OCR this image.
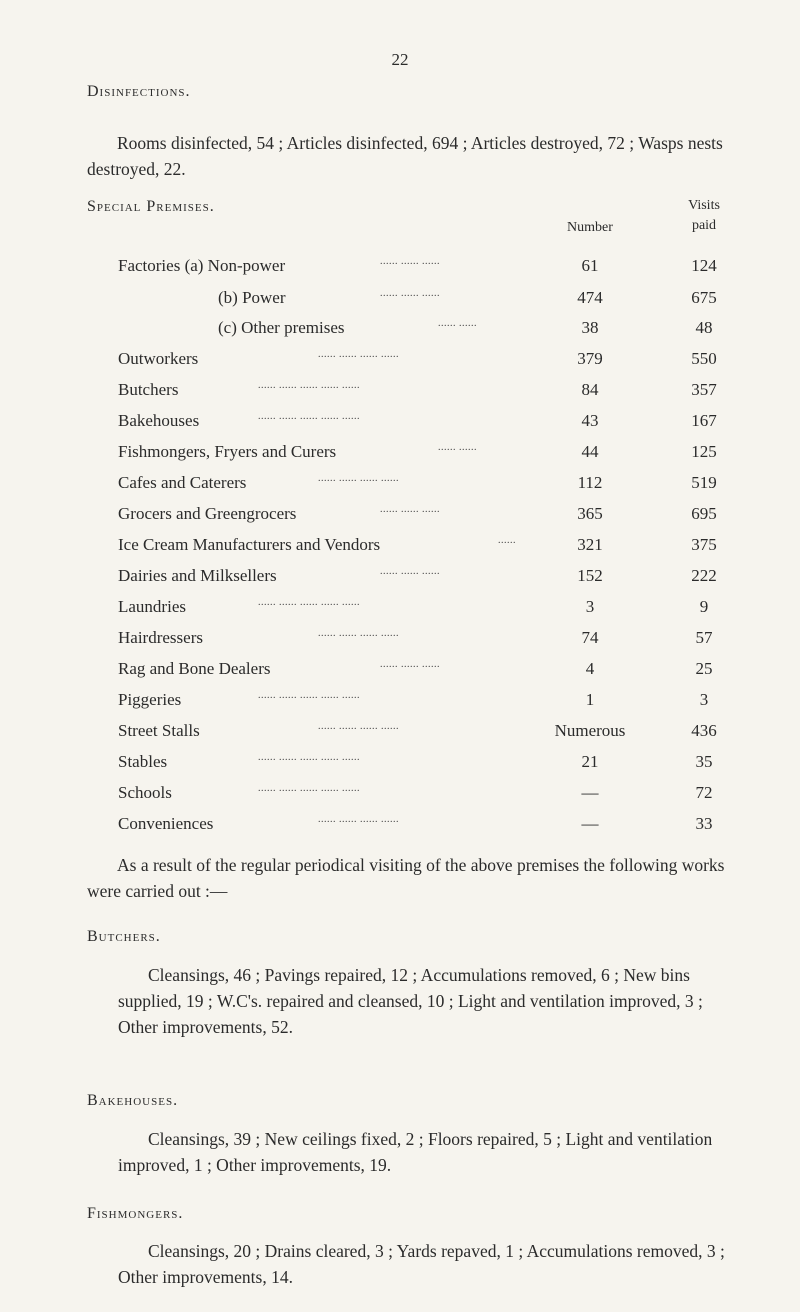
22
Disinfections.
Rooms disinfected, 54 ; Articles disinfected, 694 ; Articles destroyed, 72 ; Wasps nests destroyed, 22.
Special Premises.
Number
Visits
paid
Factories (a) Non-power	...... ...... ......	61	124
(b) Power	...... ...... ......	474	675
(c) Other premises	...... ......	38	48
Outworkers	...... ...... ...... ......	379	550
Butchers	...... ...... ...... ...... ......	84	357
Bakehouses	...... ...... ...... ...... ......	43	167
Fishmongers, Fryers and Curers	...... ......	44	125
Cafes and Caterers	...... ...... ...... ......	112	519
Grocers and Greengrocers	...... ...... ......	365	695
Ice Cream Manufacturers and Vendors	......	321	375
Dairies and Milksellers	...... ...... ......	152	222
Laundries	...... ...... ...... ...... ......	3	9
Hairdressers	...... ...... ...... ......	74	57
Rag and Bone Dealers	...... ...... ......	4	25
Piggeries	...... ...... ...... ...... ......	1	3
Street Stalls	...... ...... ...... ......	Numerous	436
Stables	...... ...... ...... ...... ......	21	35
Schools	...... ...... ...... ...... ......	—	72
Conveniences	...... ...... ...... ......	—	33
As a result of the regular periodical visiting of the above premises the following works were carried out :—
Butchers.
Cleansings, 46 ; Pavings repaired, 12 ; Accumulations removed, 6 ; New bins supplied, 19 ; W.C's. repaired and cleansed, 10 ; Light and ventilation improved, 3 ; Other improvements, 52.
Bakehouses.
Cleansings, 39 ; New ceilings fixed, 2 ; Floors repaired, 5 ; Light and ventilation improved, 1 ; Other improvements, 19.
Fishmongers.
Cleansings, 20 ; Drains cleared, 3 ; Yards repaved, 1 ; Accumulations removed, 3 ; Other improvements, 14.
